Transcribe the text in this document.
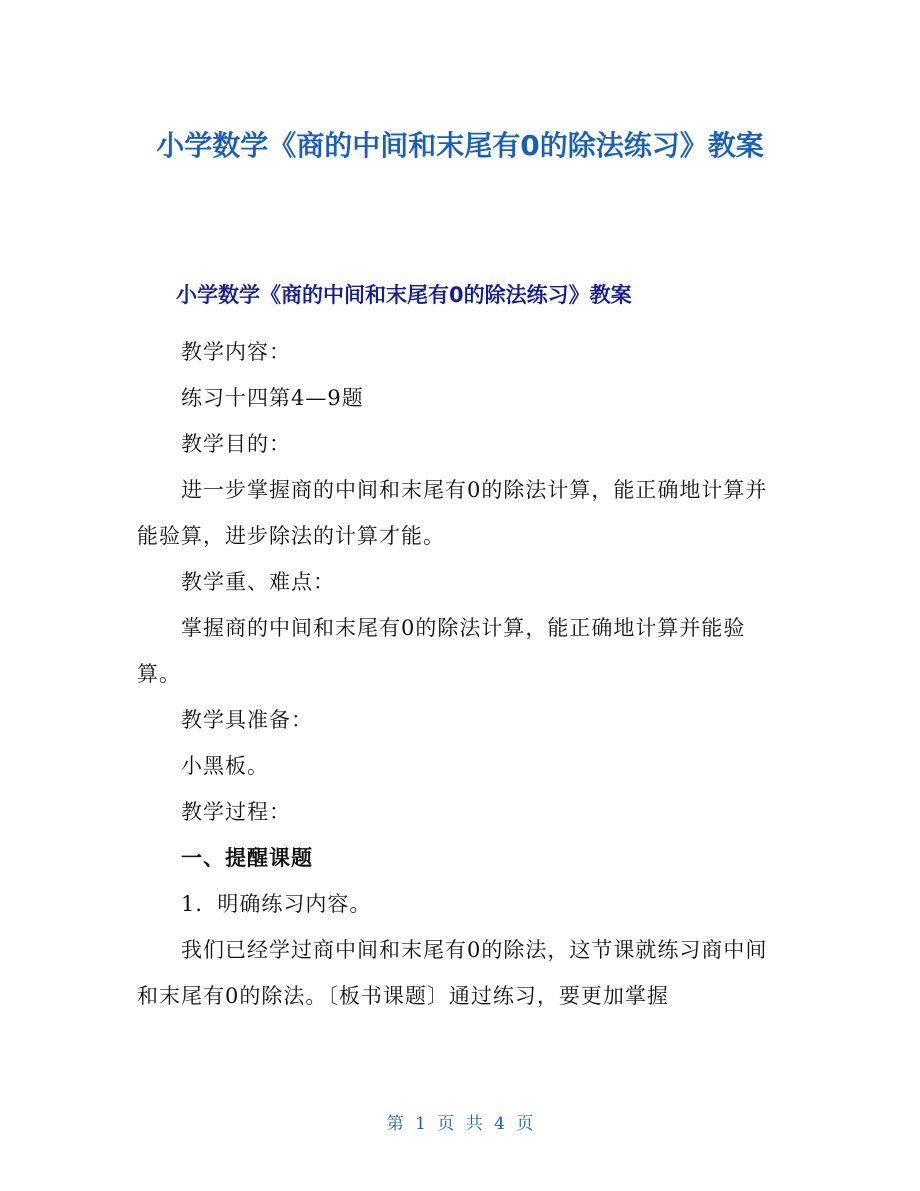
小学数学《商的中间和末尾有0的除法练习》教案
小学数学《商的中间和末尾有0的除法练习》教案
教学内容：
练习十四第4—9题
教学目的：
进一步掌握商的中间和末尾有0的除法计算，能正确地计算并能验算，进步除法的计算才能。
教学重、难点：
掌握商的中间和末尾有0的除法计算，能正确地计算并能验算。
教学具准备：
小黑板。
教学过程：
一、提醒课题
1．明确练习内容。
我们已经学过商中间和末尾有0的除法，这节课就练习商中间和末尾有0的除法。〔板书课题〕通过练习，要更加掌握
第 1 页 共 4 页
